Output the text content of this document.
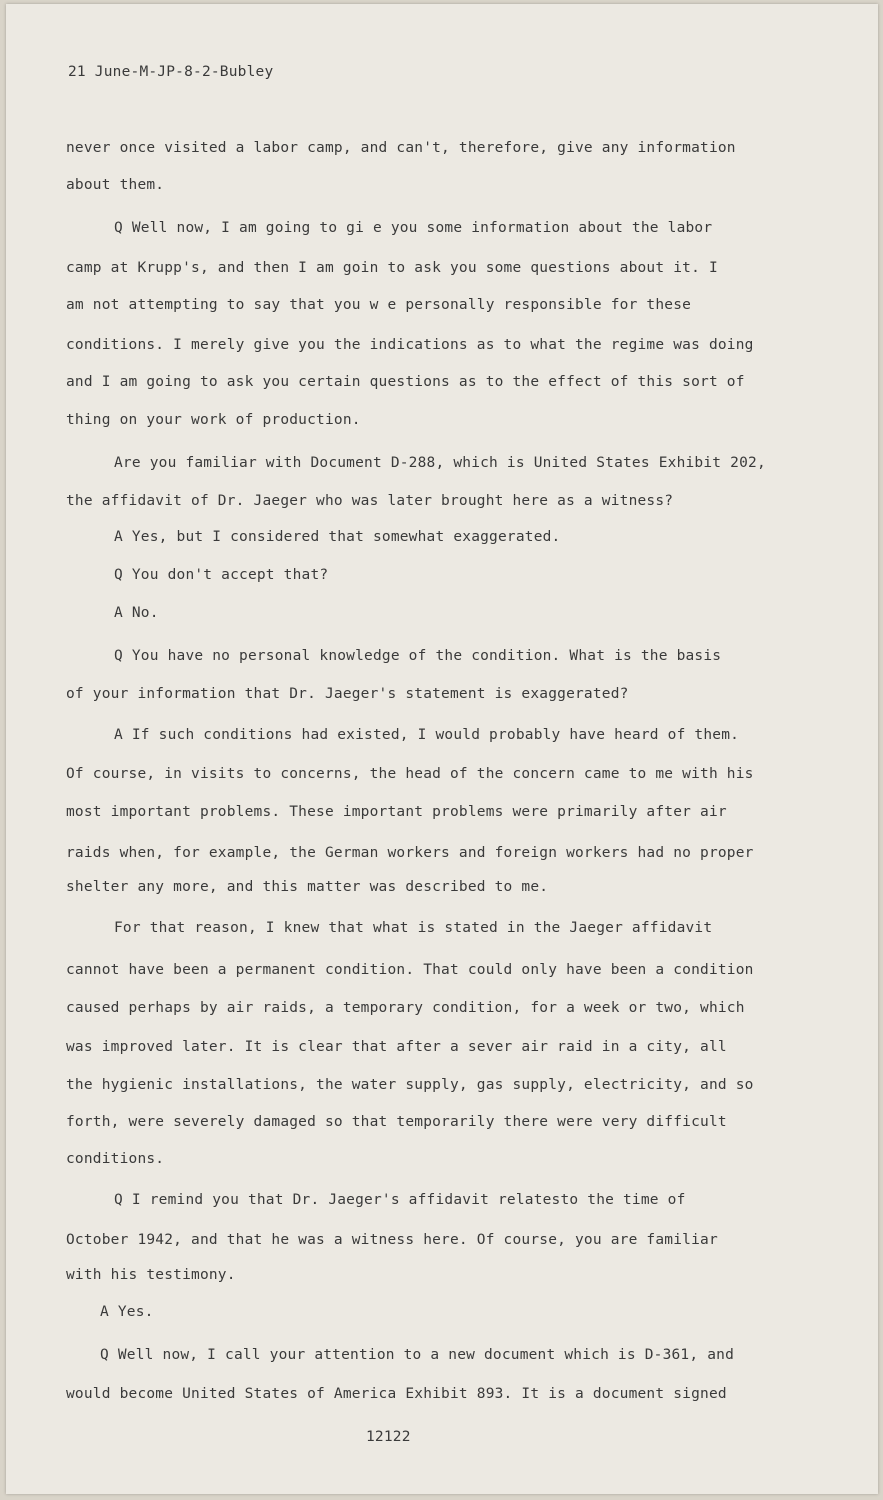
21 June-M-JP-8-2-Bubley
never once visited a labor camp, and can't, therefore, give any information
about them.
Q Well now, I am going to gi e you some information about the labor
camp at Krupp's, and then I am goin to ask you some questions about it. I
am not attempting to say that you w e personally responsible for these
conditions. I merely give you the indications as to what the regime was doing
and I am going to ask you certain questions as to the effect of this sort of
thing on your work of production.
Are you familiar with Document D-288, which is United States Exhibit 202,
the affidavit of Dr. Jaeger who was later brought here as a witness?
A Yes, but I considered that somewhat exaggerated.
Q You don't accept that?
A No.
Q You have no personal knowledge of the condition. What is the basis
of your information that Dr. Jaeger's statement is exaggerated?
A If such conditions had existed, I would probably have heard of them.
Of course, in visits to concerns, the head of the concern came to me with his
most important problems. These important problems were primarily after air
raids when, for example, the German workers and foreign workers had no proper
shelter any more, and this matter was described to me.
For that reason, I knew that what is stated in the Jaeger affidavit
cannot have been a permanent condition. That could only have been a condition
caused perhaps by air raids, a temporary condition, for a week or two, which
was improved later. It is clear that after a sever air raid in a city, all
the hygienic installations, the water supply, gas supply, electricity, and so
forth, were severely damaged so that temporarily there were very difficult
conditions.
Q I remind you that Dr. Jaeger's affidavit relatesto the time of
October 1942, and that he was a witness here. Of course, you are familiar
with his testimony.
A Yes.
Q Well now, I call your attention to a new document which is D-361, and
would become United States of America Exhibit 893. It is a document signed
12122
